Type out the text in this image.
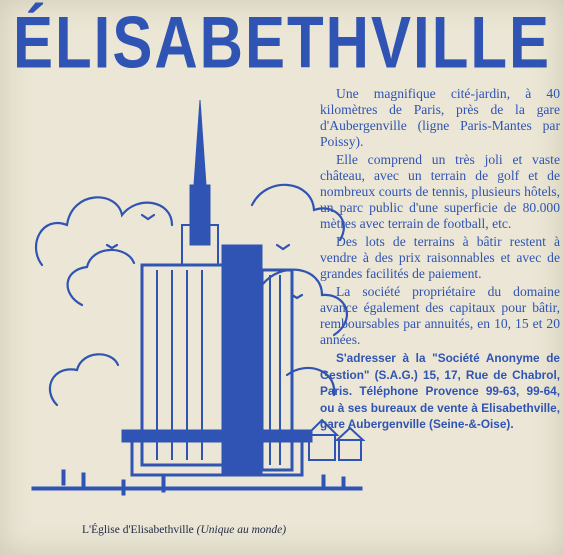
ÉLISABETHVILLE

Une magnifique cité-jardin, à 40 kilomètres de Paris, près de la gare d'Aubergenville (ligne Paris-Mantes par Poissy).

Elle comprend un très joli et vaste château, avec un terrain de golf et de nombreux courts de tennis, plusieurs hôtels, un parc public d'une superficie de 80.000 mètres avec terrain de football, etc.

Des lots de terrains à bâtir restent à vendre à des prix raisonnables et avec de grandes facilités de paiement.

La société propriétaire du domaine avance également des capitaux pour bâtir, remboursables par annuités, en 10, 15 et 20 années.

S'adresser à la "Société Anonyme de Gestion" (S.A.G.) 15, 17, Rue de Chabrol, Paris. Téléphone Provence 99-63, 99-64, ou à ses bureaux de vente à Elisabethville, gare Aubergenville (Seine-&-Oise).

L'Église d'Elisabethville (Unique au monde)
